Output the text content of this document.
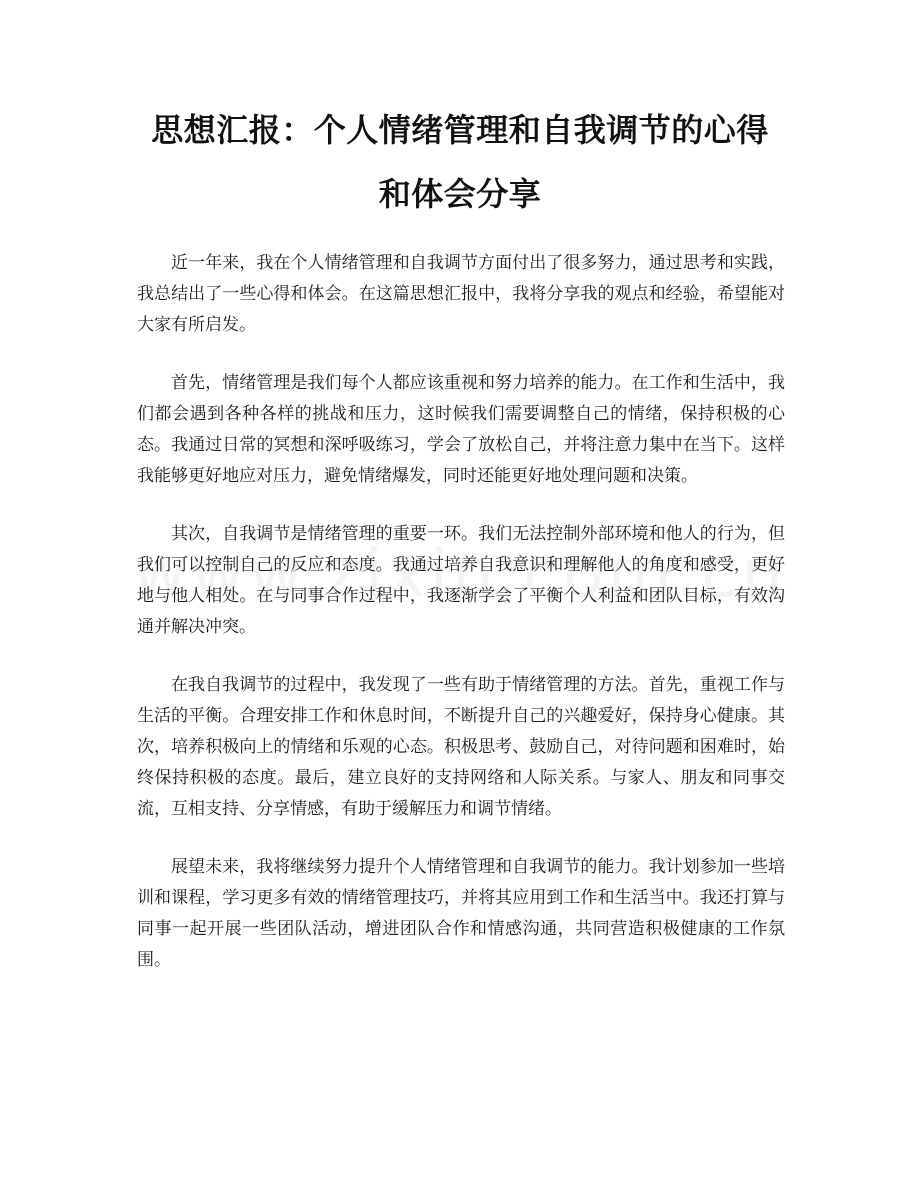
思想汇报：个人情绪管理和自我调节的心得
和体会分享

近一年来，我在个人情绪管理和自我调节方面付出了很多努力，通过思考和实践，我总结出了一些心得和体会。在这篇思想汇报中，我将分享我的观点和经验，希望能对大家有所启发。

首先，情绪管理是我们每个人都应该重视和努力培养的能力。在工作和生活中，我们都会遇到各种各样的挑战和压力，这时候我们需要调整自己的情绪，保持积极的心态。我通过日常的冥想和深呼吸练习，学会了放松自己，并将注意力集中在当下。这样我能够更好地应对压力，避免情绪爆发，同时还能更好地处理问题和决策。

其次，自我调节是情绪管理的重要一环。我们无法控制外部环境和他人的行为，但我们可以控制自己的反应和态度。我通过培养自我意识和理解他人的角度和感受，更好地与他人相处。在与同事合作过程中，我逐渐学会了平衡个人利益和团队目标，有效沟通并解决冲突。

在我自我调节的过程中，我发现了一些有助于情绪管理的方法。首先，重视工作与生活的平衡。合理安排工作和休息时间，不断提升自己的兴趣爱好，保持身心健康。其次，培养积极向上的情绪和乐观的心态。积极思考、鼓励自己，对待问题和困难时，始终保持积极的态度。最后，建立良好的支持网络和人际关系。与家人、朋友和同事交流，互相支持、分享情感，有助于缓解压力和调节情绪。

展望未来，我将继续努力提升个人情绪管理和自我调节的能力。我计划参加一些培训和课程，学习更多有效的情绪管理技巧，并将其应用到工作和生活当中。我还打算与同事一起开展一些团队活动，增进团队合作和情感沟通，共同营造积极健康的工作氛围。
